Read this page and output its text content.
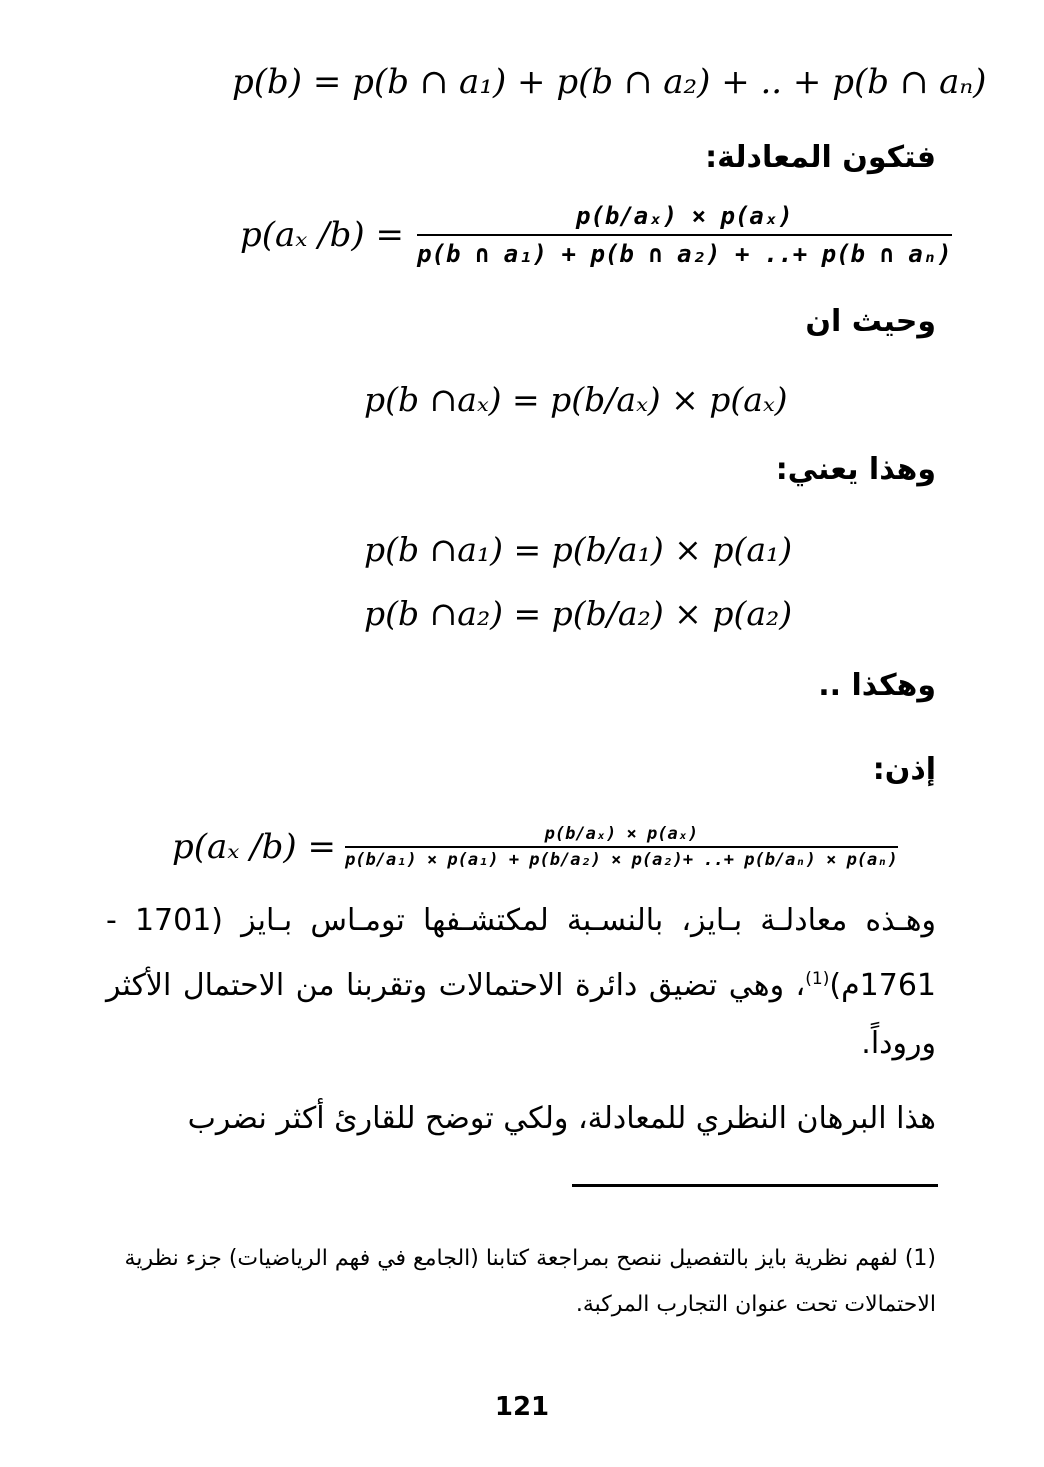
p(b) = p(b ∩ a₁) + p(b ∩ a₂) + .. + p(b ∩ aₙ)
فتكون المعادلة:
p(aₓ $/b) = \frac{\text{p(b/aₓ) × p(aₓ)}}{\text{p(b ∩ a₁) + p(b ∩ a₂) + ..+ p(b ∩ aₙ)}}$
وحيث ان
p(b ∩aₓ) = p(b/aₓ) × p(aₓ)
وهذا يعني:
p(b ∩a₁) = p(b/a₁) × p(a₁)
p(b ∩a₂) = p(b/a₂) × p(a₂)
وهكذا ..
إذن:
p(aₓ $/b) = \frac{\text{p(b/aₓ) × p(aₓ)}}{\text{p(b/a₁) × p(a₁) + p(b/a₂) × p(a₂)+ ..+ p(b/aₙ) × p(aₙ)}}$
وهـذه معادلـة بـايز، بالنسـبة لمكتشـفها تومـاس بـايز (1701 - 1761م)$^{(1)}$، وهي تضيق دائرة الاحتمالات وتقربنا من الاحتمال الأكثر وروداً.
هذا البرهان النظري للمعادلة، ولكي توضح للقارئ أكثر نضرب
(1) لفهم نظرية بايز بالتفصيل ننصح بمراجعة كتابنا (الجامع في فهم الرياضيات) جزء نظرية الاحتمالات تحت عنوان التجارب المركبة.
121
